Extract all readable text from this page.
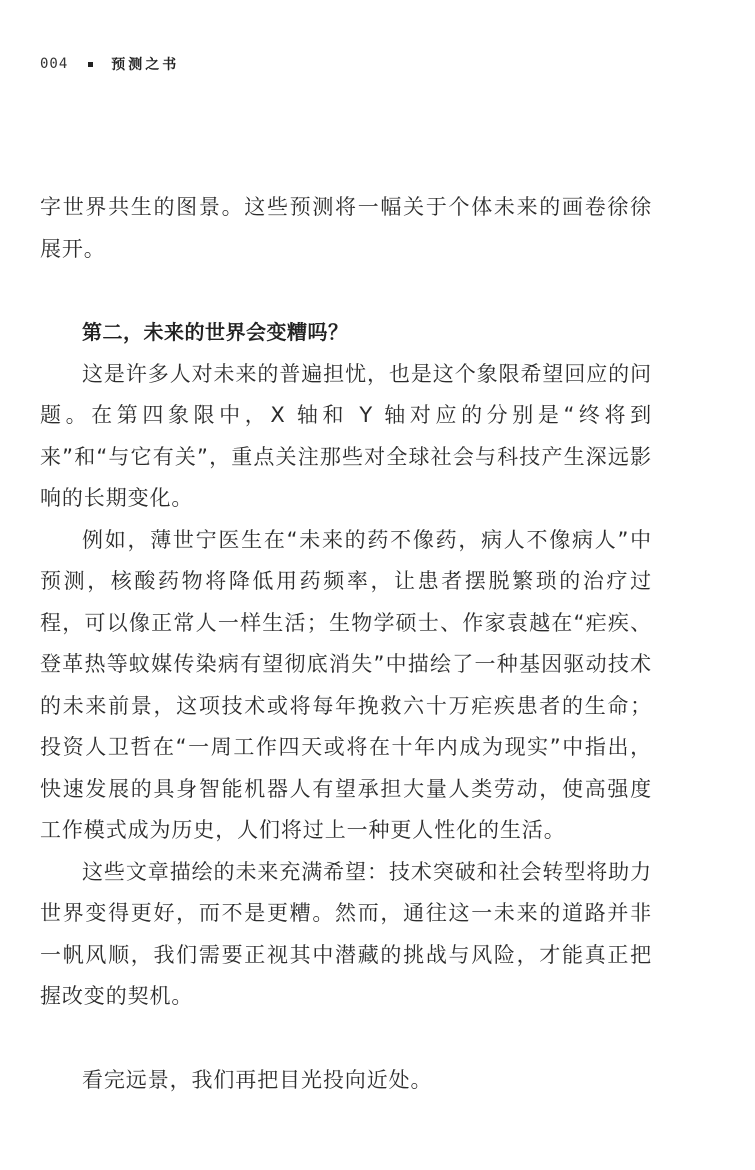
004	预测之书

字世界共生的图景。这些预测将一幅关于个体未来的画卷徐徐展开。

第二，未来的世界会变糟吗？

这是许多人对未来的普遍担忧，也是这个象限希望回应的问题。在第四象限中，X 轴和 Y 轴对应的分别是“终将到来”和“与它有关”，重点关注那些对全球社会与科技产生深远影响的长期变化。

例如，薄世宁医生在“未来的药不像药，病人不像病人”中预测，核酸药物将降低用药频率，让患者摆脱繁琐的治疗过程，可以像正常人一样生活；生物学硕士、作家袁越在“疟疾、登革热等蚊媒传染病有望彻底消失”中描绘了一种基因驱动技术的未来前景，这项技术或将每年挽救六十万疟疾患者的生命；投资人卫哲在“一周工作四天或将在十年内成为现实”中指出，快速发展的具身智能机器人有望承担大量人类劳动，使高强度工作模式成为历史，人们将过上一种更人性化的生活。

这些文章描绘的未来充满希望：技术突破和社会转型将助力世界变得更好，而不是更糟。然而，通往这一未来的道路并非一帆风顺，我们需要正视其中潜藏的挑战与风险，才能真正把握改变的契机。

看完远景，我们再把目光投向近处。
